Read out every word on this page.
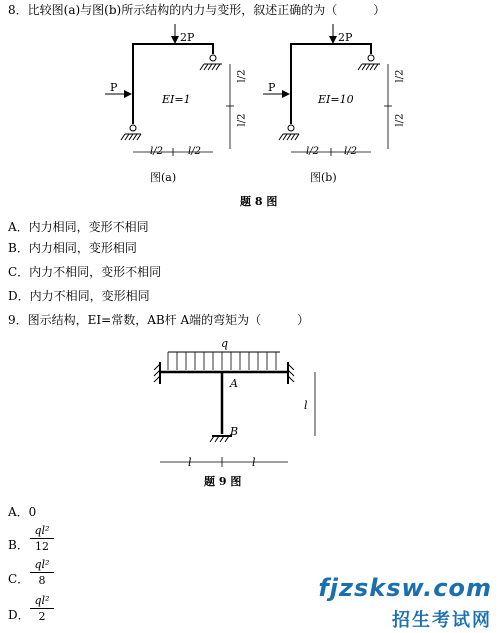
8．比较图(a)与图(b)所示结构的内力与变形，叙述正确的为（　　　）
2P
P
EI=1
l/2
l/2
l/2	l/2
图(a)
2P
P
EI=10
l/2
l/2
l/2	l/2
图(b)
题 8 图
A．内力相同，变形不相同
B．内力相同，变形相同
C．内力不相同，变形不相同
D．内力不相同，变形相同
9．图示结构，EI=常数，AB杆 A端的弯矩为（　　　）
q
A
B
l
l	l
题 9 图
A．0
B． $\frac{\text{ql²}}{12}$
C． $\frac{\text{ql²}}{8}$
D． $\frac{\text{ql²}}{2}$
fjzsksw.com
招生考试网
